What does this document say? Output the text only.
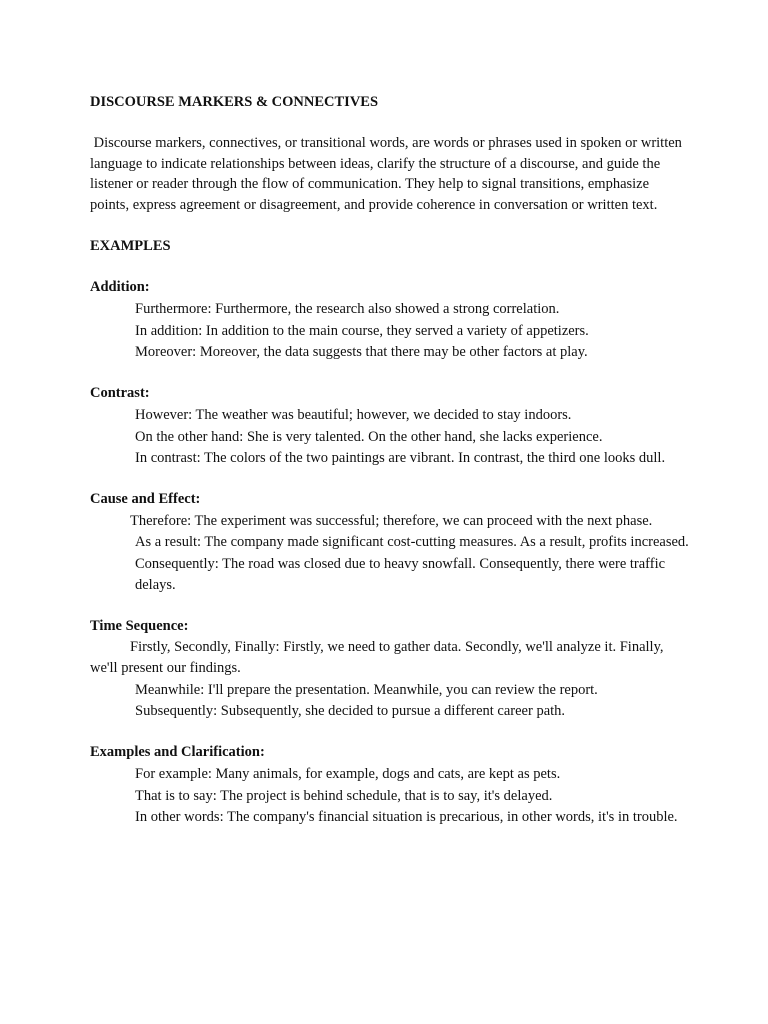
DISCOURSE MARKERS & CONNECTIVES
Discourse markers, connectives, or transitional words, are words or phrases used in spoken or written language to indicate relationships between ideas, clarify the structure of a discourse, and guide the listener or reader through the flow of communication. They help to signal transitions, emphasize points, express agreement or disagreement, and provide coherence in conversation or written text.
EXAMPLES
Addition:
Furthermore: Furthermore, the research also showed a strong correlation.
In addition: In addition to the main course, they served a variety of appetizers.
Moreover: Moreover, the data suggests that there may be other factors at play.
Contrast:
However: The weather was beautiful; however, we decided to stay indoors.
On the other hand: She is very talented. On the other hand, she lacks experience.
In contrast: The colors of the two paintings are vibrant. In contrast, the third one looks dull.
Cause and Effect:
Therefore: The experiment was successful; therefore, we can proceed with the next phase.
As a result: The company made significant cost-cutting measures. As a result, profits increased.
Consequently: The road was closed due to heavy snowfall. Consequently, there were traffic delays.
Time Sequence:
Firstly, Secondly, Finally: Firstly, we need to gather data. Secondly, we'll analyze it. Finally, we'll present our findings.
Meanwhile: I'll prepare the presentation. Meanwhile, you can review the report.
Subsequently: Subsequently, she decided to pursue a different career path.
Examples and Clarification:
For example: Many animals, for example, dogs and cats, are kept as pets.
That is to say: The project is behind schedule, that is to say, it's delayed.
In other words: The company's financial situation is precarious, in other words, it's in trouble.
